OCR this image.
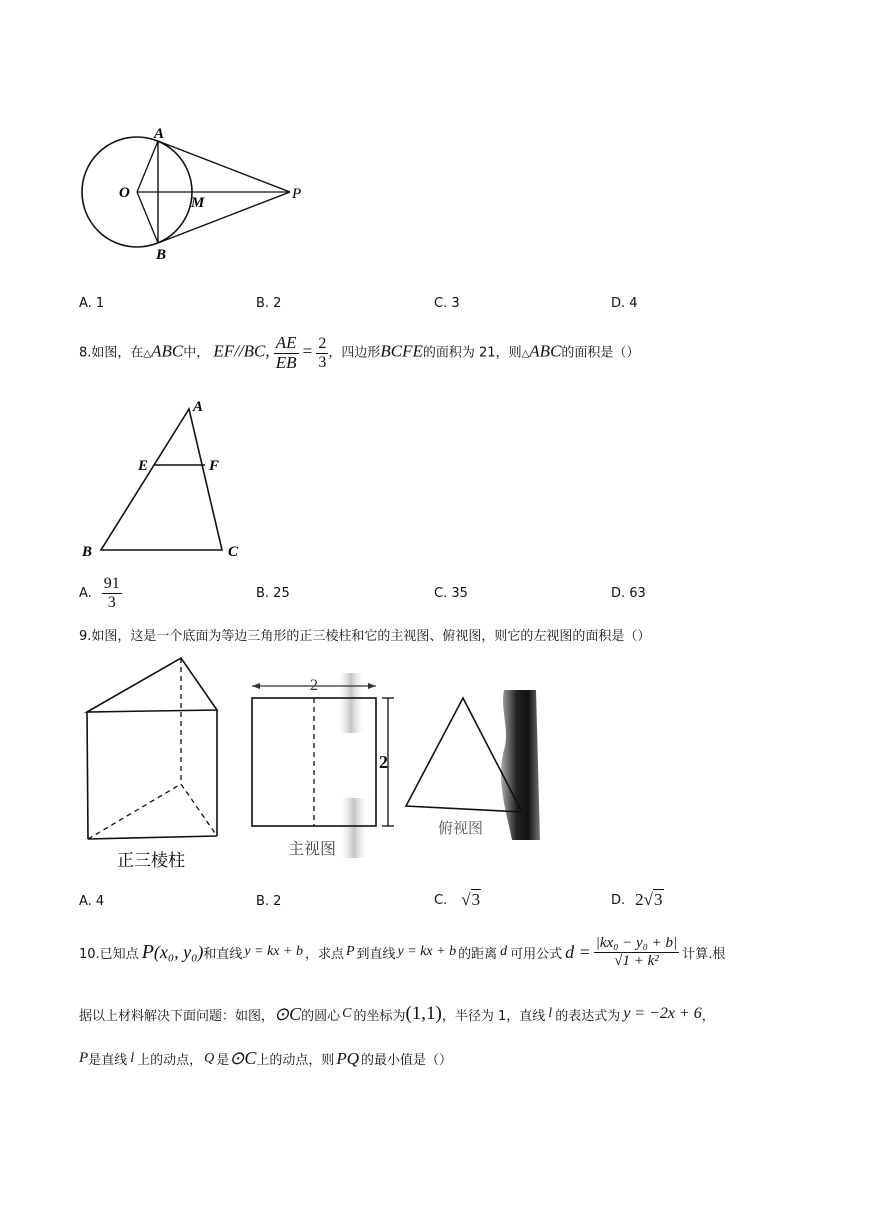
A
B
O
M
P
A. 1	B. 2	C. 3	D. 4
8.如图，在△ABC中， EF//BC, $\frac{AE}{EB} = \frac{2}{3}$ ，四边形BCFE的面积为 21，则△ABC的面积是（）
A
E	F
B	C
A. $\frac{91}{3}$	B. 25	C. 35	D. 63
9.如图，这是一个底面为等边三角形的正三棱柱和它的主视图、俯视图，则它的左视图的面积是（）
正三棱柱
2
2
主视图
俯视图
A. 4	B. 2	C. √3	D. 2√3
10.已知点 P (x₀, y₀) 和直线 y = kx + b ，求点 P 到直线 y = kx + b 的距离 d 可用公式 $d = \frac{\text{|kx₀ − y₀ + b|}}{\text{√1 + k²}}$ 计算.根
据以上材料解决下面问题：如图， ⊙C 的圆心 C 的坐标为 (1,1) ，半径为 1，直线 l 的表达式为 y = −2x + 6 ，
P 是直线 l 上的动点， Q 是 ⊙C 上的动点，则 PQ 的最小值是（）
